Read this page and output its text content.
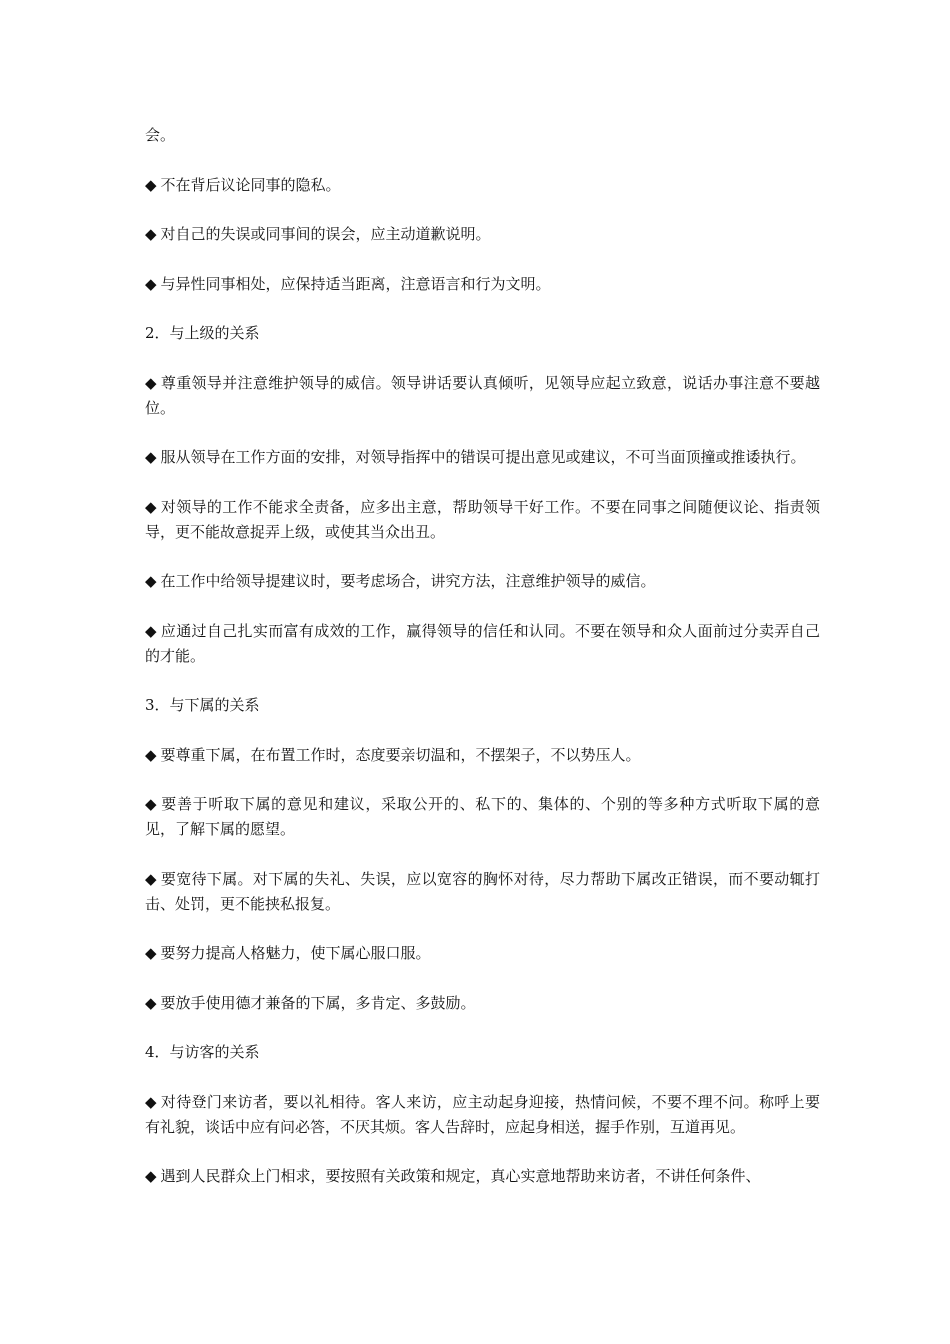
会。

◆ 不在背后议论同事的隐私。

◆ 对自己的失误或同事间的误会，应主动道歉说明。

◆ 与异性同事相处，应保持适当距离，注意语言和行为文明。

2．与上级的关系

◆ 尊重领导并注意维护领导的威信。领导讲话要认真倾听，见领导应起立致意，说话办事注意不要越位。

◆ 服从领导在工作方面的安排，对领导指挥中的错误可提出意见或建议，不可当面顶撞或推诿执行。

◆ 对领导的工作不能求全责备，应多出主意，帮助领导干好工作。不要在同事之间随便议论、指责领导，更不能故意捉弄上级，或使其当众出丑。

◆ 在工作中给领导提建议时，要考虑场合，讲究方法，注意维护领导的威信。

◆ 应通过自己扎实而富有成效的工作，赢得领导的信任和认同。不要在领导和众人面前过分卖弄自己的才能。

3．与下属的关系

◆ 要尊重下属，在布置工作时，态度要亲切温和，不摆架子，不以势压人。

◆ 要善于听取下属的意见和建议，采取公开的、私下的、集体的、个别的等多种方式听取下属的意见，了解下属的愿望。

◆ 要宽待下属。对下属的失礼、失误，应以宽容的胸怀对待，尽力帮助下属改正错误，而不要动辄打击、处罚，更不能挟私报复。

◆ 要努力提高人格魅力，使下属心服口服。

◆ 要放手使用德才兼备的下属，多肯定、多鼓励。

4．与访客的关系

◆ 对待登门来访者，要以礼相待。客人来访，应主动起身迎接，热情问候，不要不理不问。称呼上要有礼貌，谈话中应有问必答，不厌其烦。客人告辞时，应起身相送，握手作别，互道再见。

◆ 遇到人民群众上门相求，要按照有关政策和规定，真心实意地帮助来访者，不讲任何条件、
